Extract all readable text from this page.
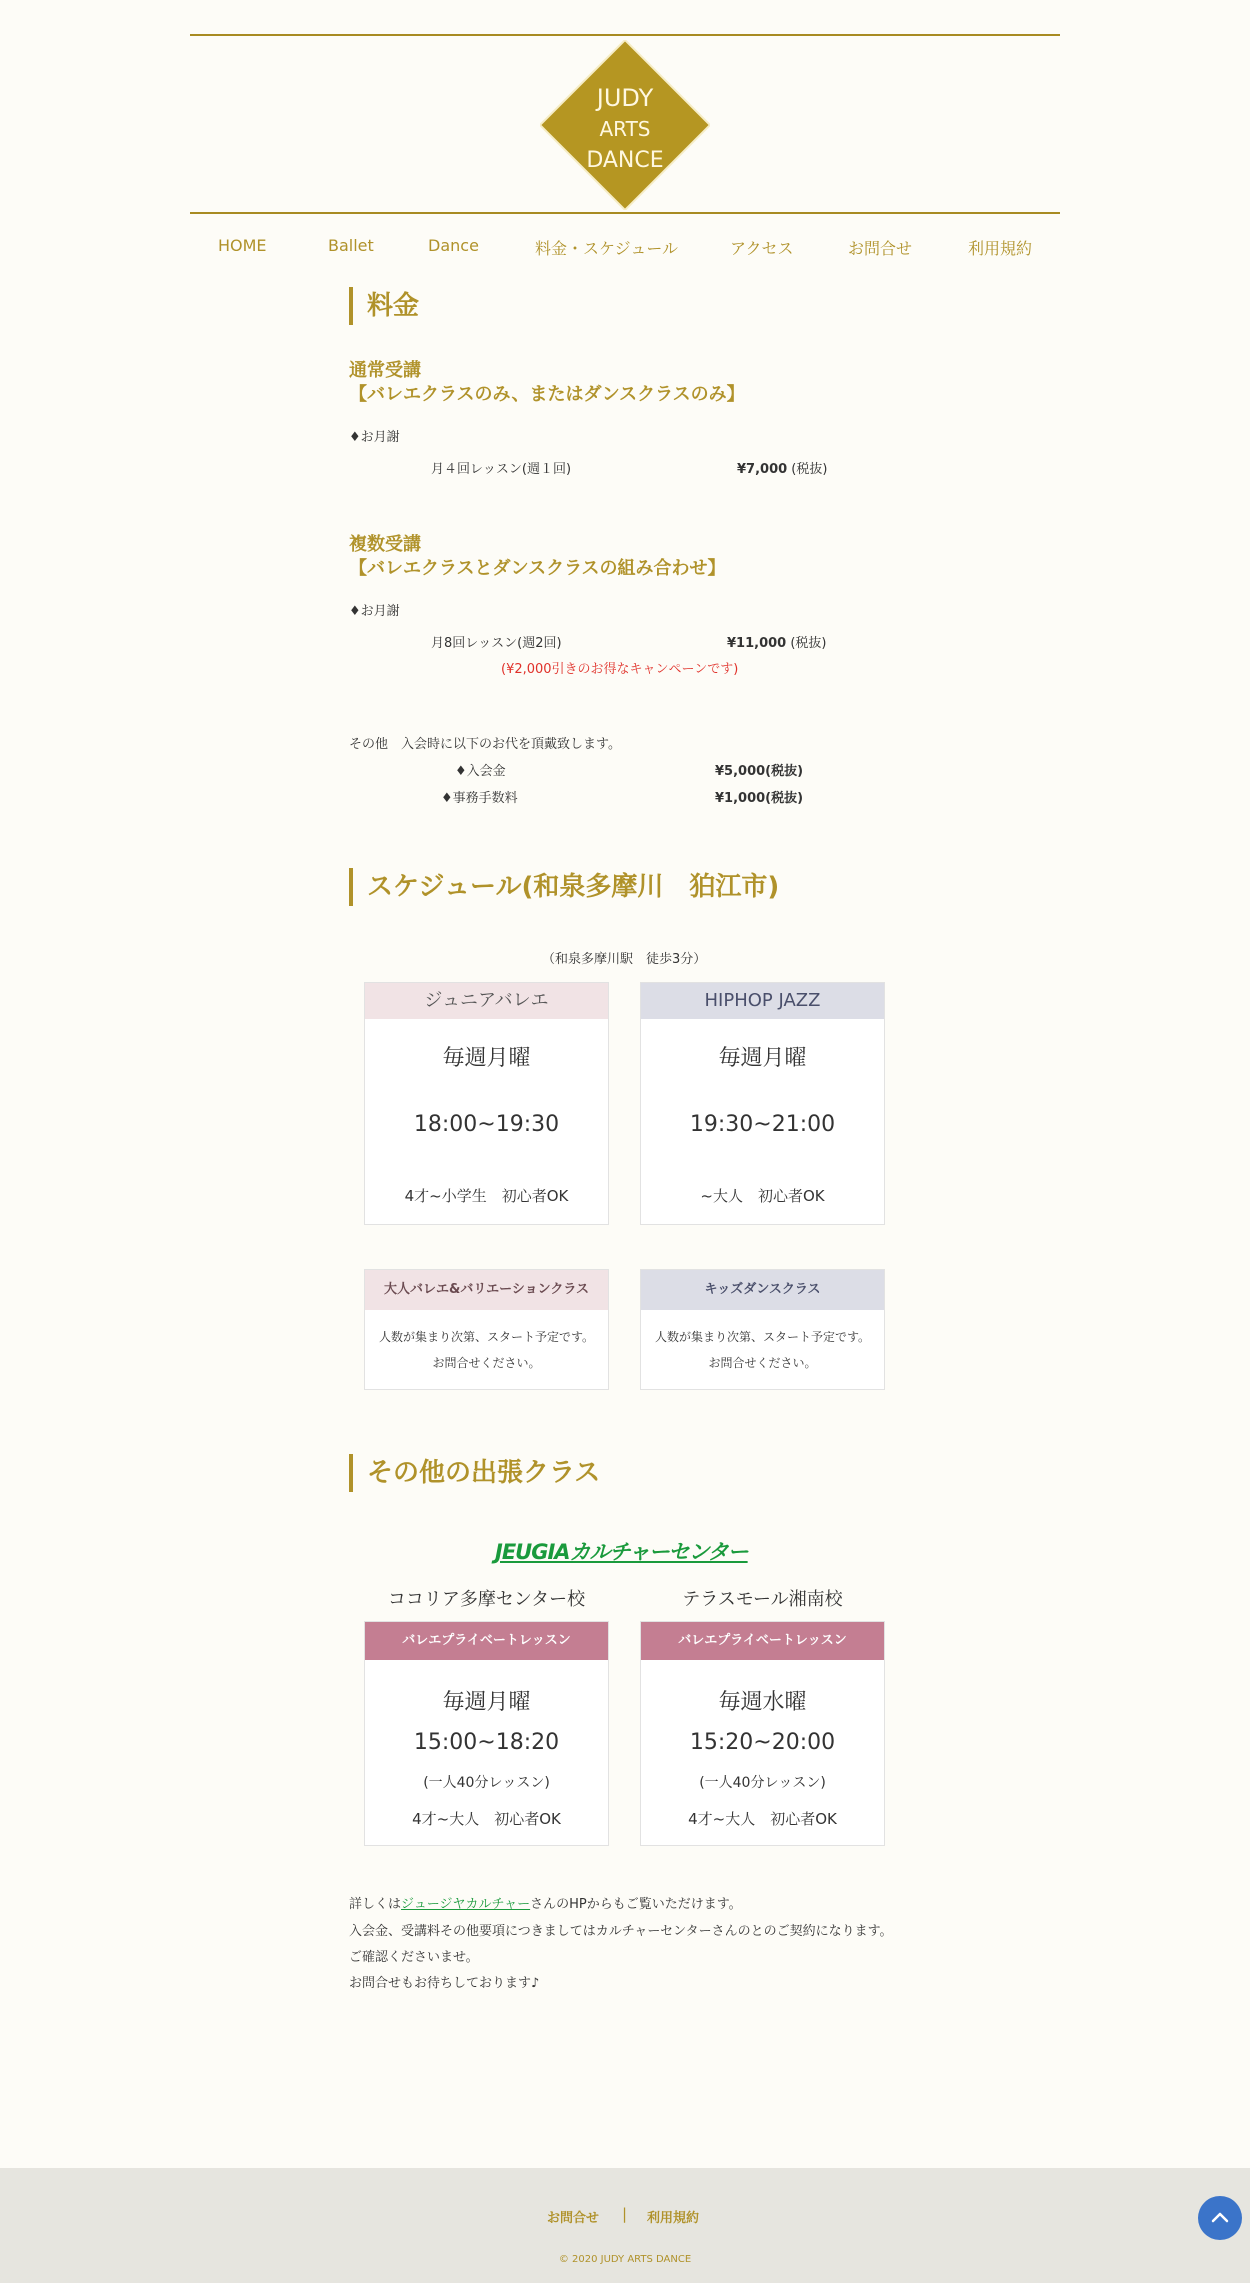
JUDY
ARTS
DANCE
HOME	Ballet	Dance	料金・スケジュール	アクセス	お問合せ	利用規約
料金
通常受講
【バレエクラスのみ、またはダンスクラスのみ】
♦お月謝
月４回レッスン(週１回)	¥7,000 (税抜)
複数受講
【バレエクラスとダンスクラスの組み合わせ】
♦お月謝
月8回レッスン(週2回)	¥11,000 (税抜)
(¥2,000引きのお得なキャンペーンです)
その他　入会時に以下のお代を頂戴致します。
♦入会金	¥5,000(税抜)
♦事務手数料	¥1,000(税抜)
スケジュール(和泉多摩川　狛江市)
（和泉多摩川駅　徒歩3分）
ジュニアバレエ
毎週月曜
18:00~19:30
4才~小学生　初心者OK
HIPHOP JAZZ
毎週月曜
19:30~21:00
~大人　初心者OK
大人バレエ&バリエーションクラス
人数が集まり次第、スタート予定です。
お問合せください。
キッズダンスクラス
人数が集まり次第、スタート予定です。
お問合せください。
その他の出張クラス
JEUGIAカルチャーセンター
ココリア多摩センター校	テラスモール湘南校
バレエプライベートレッスン
毎週月曜
15:00~18:20
(一人40分レッスン)
4才~大人　初心者OK
バレエプライベートレッスン
毎週水曜
15:20~20:00
(一人40分レッスン)
4才~大人　初心者OK
詳しくはジュージヤカルチャーさんのHPからもご覧いただけます。
入会金、受講料その他要項につきましてはカルチャーセンターさんのとのご契約になります。
ご確認くださいませ。
お問合せもお待ちしております♪
お問合せ | 利用規約
© 2020 JUDY ARTS DANCE
